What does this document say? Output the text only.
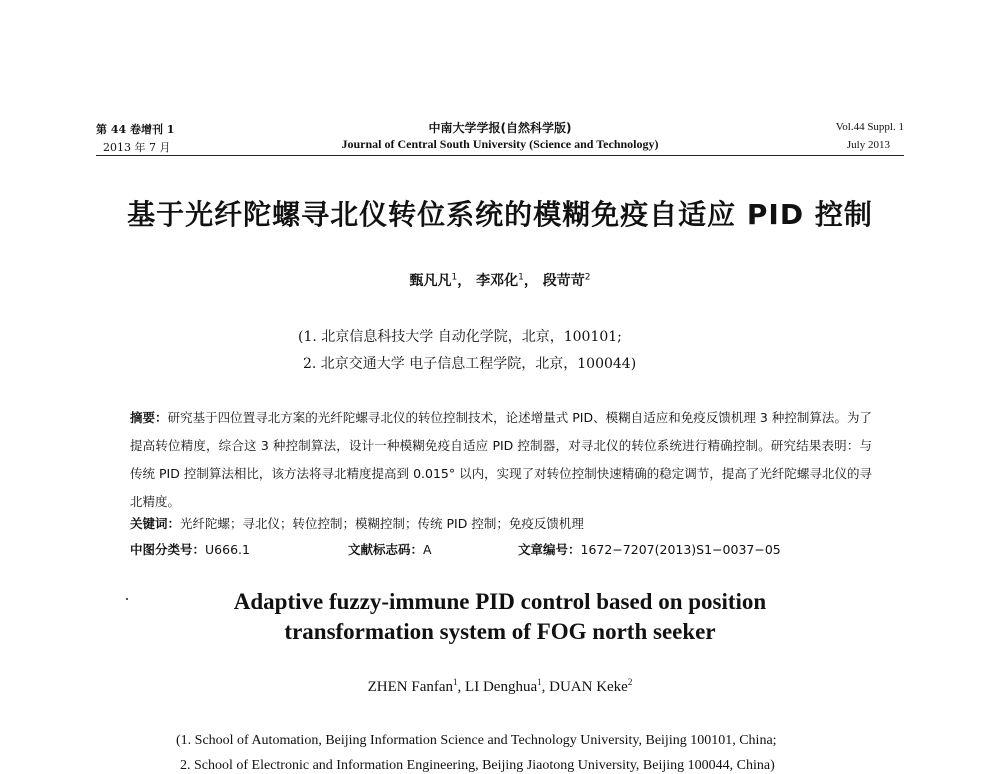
第 44 卷增刊 1
2013 年 7 月
中南大学学报(自然科学版)
Journal of Central South University (Science and Technology)
Vol.44 Suppl. 1
July 2013
基于光纤陀螺寻北仪转位系统的模糊免疫自适应 PID 控制
甄凡凡$^1$， 李邓化$^1$， 段苛苛$^2$
(1. 北京信息科技大学 自动化学院，北京，100101;
2. 北京交通大学 电子信息工程学院，北京，100044)
摘要：研究基于四位置寻北方案的光纤陀螺寻北仪的转位控制技术，论述增量式 PID、模糊自适应和免疫反馈机理 3 种控制算法。为了提高转位精度，综合这 3 种控制算法，设计一种模糊免疫自适应 PID 控制器，对寻北仪的转位系统进行精确控制。研究结果表明：与传统 PID 控制算法相比，该方法将寻北精度提高到 0.015° 以内，实现了对转位控制快速精确的稳定调节，提高了光纤陀螺寻北仪的寻北精度。
关键词：光纤陀螺；寻北仪；转位控制；模糊控制；传统 PID 控制；免疫反馈机理
中图分类号：U666.1	文献标志码：A	文章编号：1672−7207(2013)S1−0037−05
Adaptive fuzzy-immune PID control based on position
transformation system of FOG north seeker
ZHEN Fanfan$^1$, LI Denghua$^1$, DUAN Keke$^2$
(1. School of Automation, Beijing Information Science and Technology University, Beijing 100101, China;
2. School of Electronic and Information Engineering, Beijing Jiaotong University, Beijing 100044, China)
